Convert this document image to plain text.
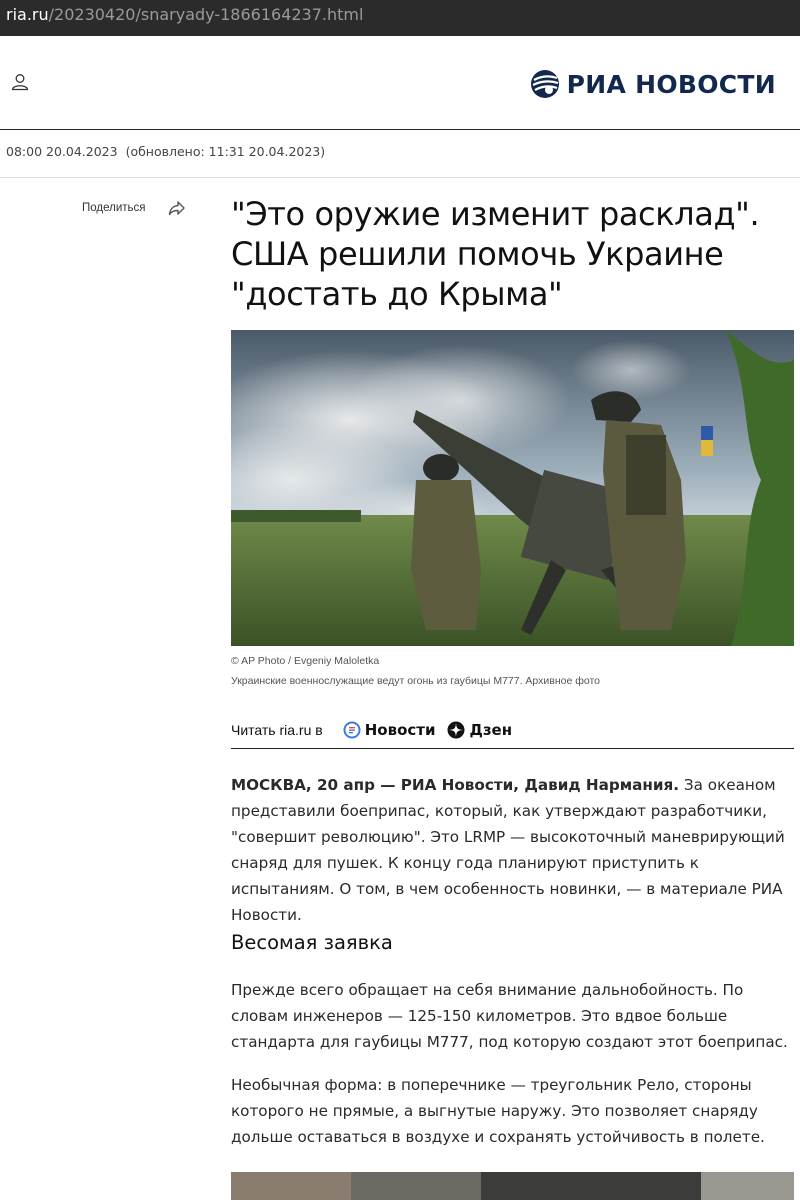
ria.ru/20230420/snaryady-1866164237.html
РИА НОВОСТИ
08:00 20.04.2023 (обновлено: 11:31 20.04.2023)
Поделиться	"Это оружие изменит расклад". США решили помочь Украине "достать до Крыма"
© AP Photo / Evgeniy Maloletka
Украинские военнослужащие ведут огонь из гаубицы M777. Архивное фото
Читать ria.ru в	Новости Дзен

МОСКВА, 20 апр — РИА Новости, Давид Нармания. За океаном представили боеприпас, который, как утверждают разработчики, "совершит революцию". Это LRMP — высокоточный маневрирующий снаряд для пушек. К концу года планируют приступить к испытаниям. О том, в чем особенность новинки, — в материале РИА Новости.

Весомая заявка

Прежде всего обращает на себя внимание дальнобойность. По словам инженеров — 125-150 километров. Это вдвое больше стандарта для гаубицы M777, под которую создают этот боеприпас.

Необычная форма: в поперечнике — треугольник Рело, стороны которого не прямые, а выгнутые наружу. Это позволяет снаряду дольше оставаться в воздухе и сохранять устойчивость в полете.
